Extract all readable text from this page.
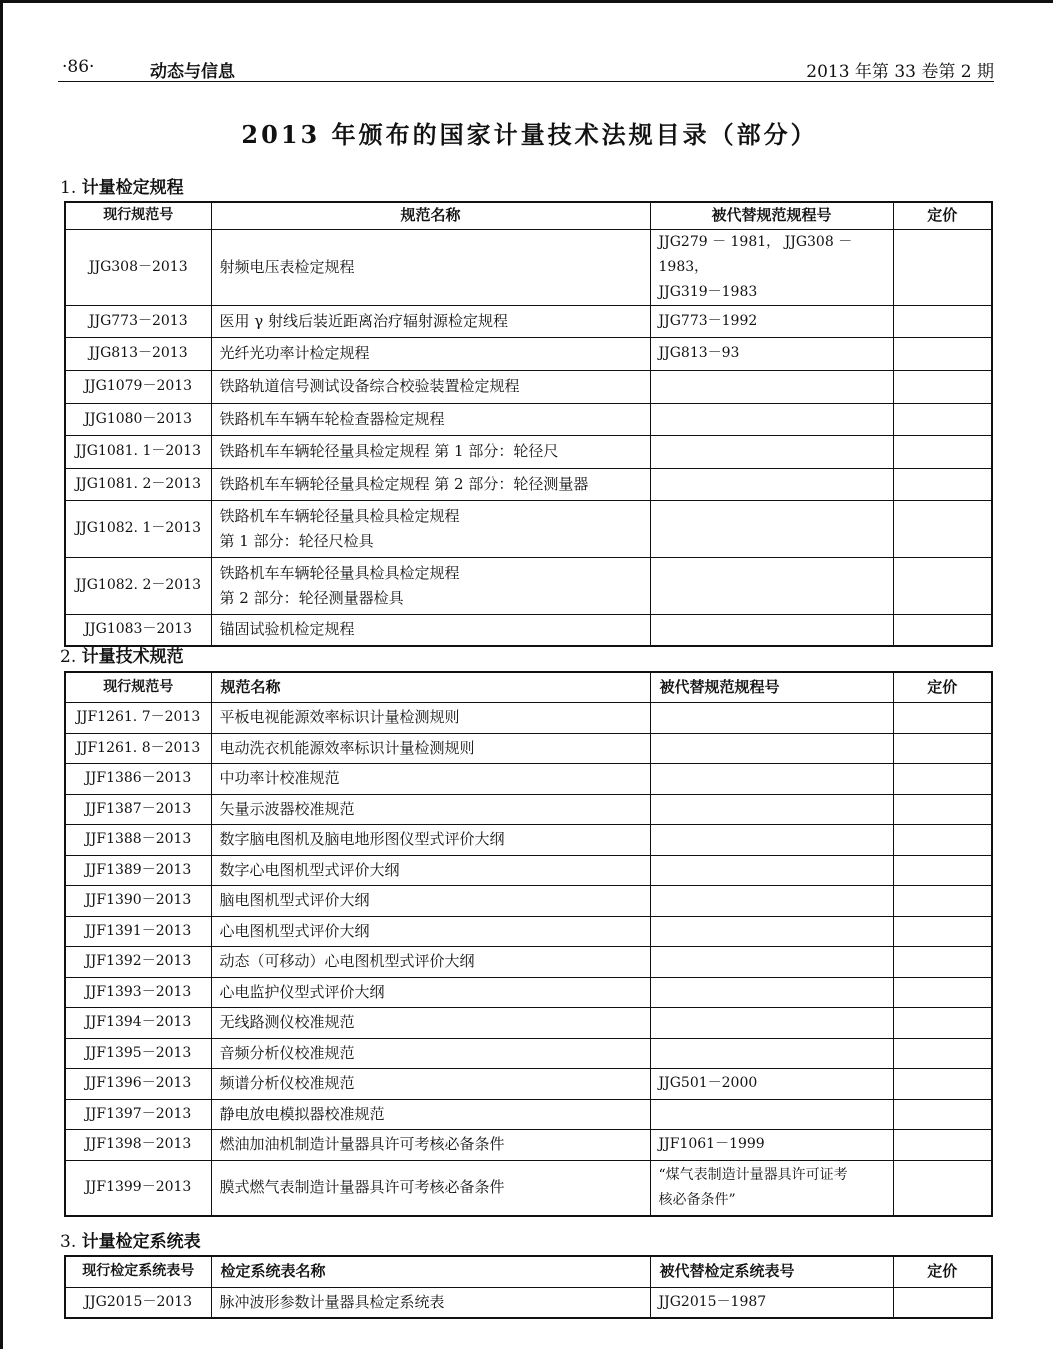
·86·	动态与信息	2013 年第 33 卷第 2 期
2013 年颁布的国家计量技术法规目录（部分）
1. 计量检定规程
现行规范号	规范名称	被代替规范规程号	定价
JJG308－2013	射频电压表检定规程	JJG279 － 1981， JJG308 － 1983，
JJG319－1983	

JJG773－2013	医用 γ 射线后装近距离治疗辐射源检定规程	JJG773－1992	

JJG813－2013	光纤光功率计检定规程	JJG813－93	

JJG1079－2013	铁路轨道信号测试设备综合校验装置检定规程		

JJG1080－2013	铁路机车车辆车轮检查器检定规程		

JJG1081. 1－2013	铁路机车车辆轮径量具检定规程 第 1 部分：轮径尺		

JJG1081. 2－2013	铁路机车车辆轮径量具检定规程 第 2 部分：轮径测量器		

JJG1082. 1－2013	铁路机车车辆轮径量具检具检定规程
第 1 部分：轮径尺检具		

JJG1082. 2－2013	铁路机车车辆轮径量具检具检定规程
第 2 部分：轮径测量器检具		

JJG1083－2013	锚固试验机检定规程		

2. 计量技术规范
现行规范号	规范名称	被代替规范规程号	定价
JJF1261. 7－2013	平板电视能源效率标识计量检测规则		

JJF1261. 8－2013	电动洗衣机能源效率标识计量检测规则		

JJF1386－2013	中功率计校准规范		

JJF1387－2013	矢量示波器校准规范		

JJF1388－2013	数字脑电图机及脑电地形图仪型式评价大纲		

JJF1389－2013	数字心电图机型式评价大纲		

JJF1390－2013	脑电图机型式评价大纲		

JJF1391－2013	心电图机型式评价大纲		

JJF1392－2013	动态（可移动）心电图机型式评价大纲		

JJF1393－2013	心电监护仪型式评价大纲		

JJF1394－2013	无线路测仪校准规范		

JJF1395－2013	音频分析仪校准规范		

JJF1396－2013	频谱分析仪校准规范	JJG501－2000	

JJF1397－2013	静电放电模拟器校准规范		

JJF1398－2013	燃油加油机制造计量器具许可考核必备条件	JJF1061－1999	

JJF1399－2013	膜式燃气表制造计量器具许可考核必备条件	“煤气表制造计量器具许可证考
核必备条件”	

3. 计量检定系统表
现行检定系统表号	检定系统表名称	被代替检定系统表号	定价
JJG2015－2013	脉冲波形参数计量器具检定系统表	JJG2015－1987	
